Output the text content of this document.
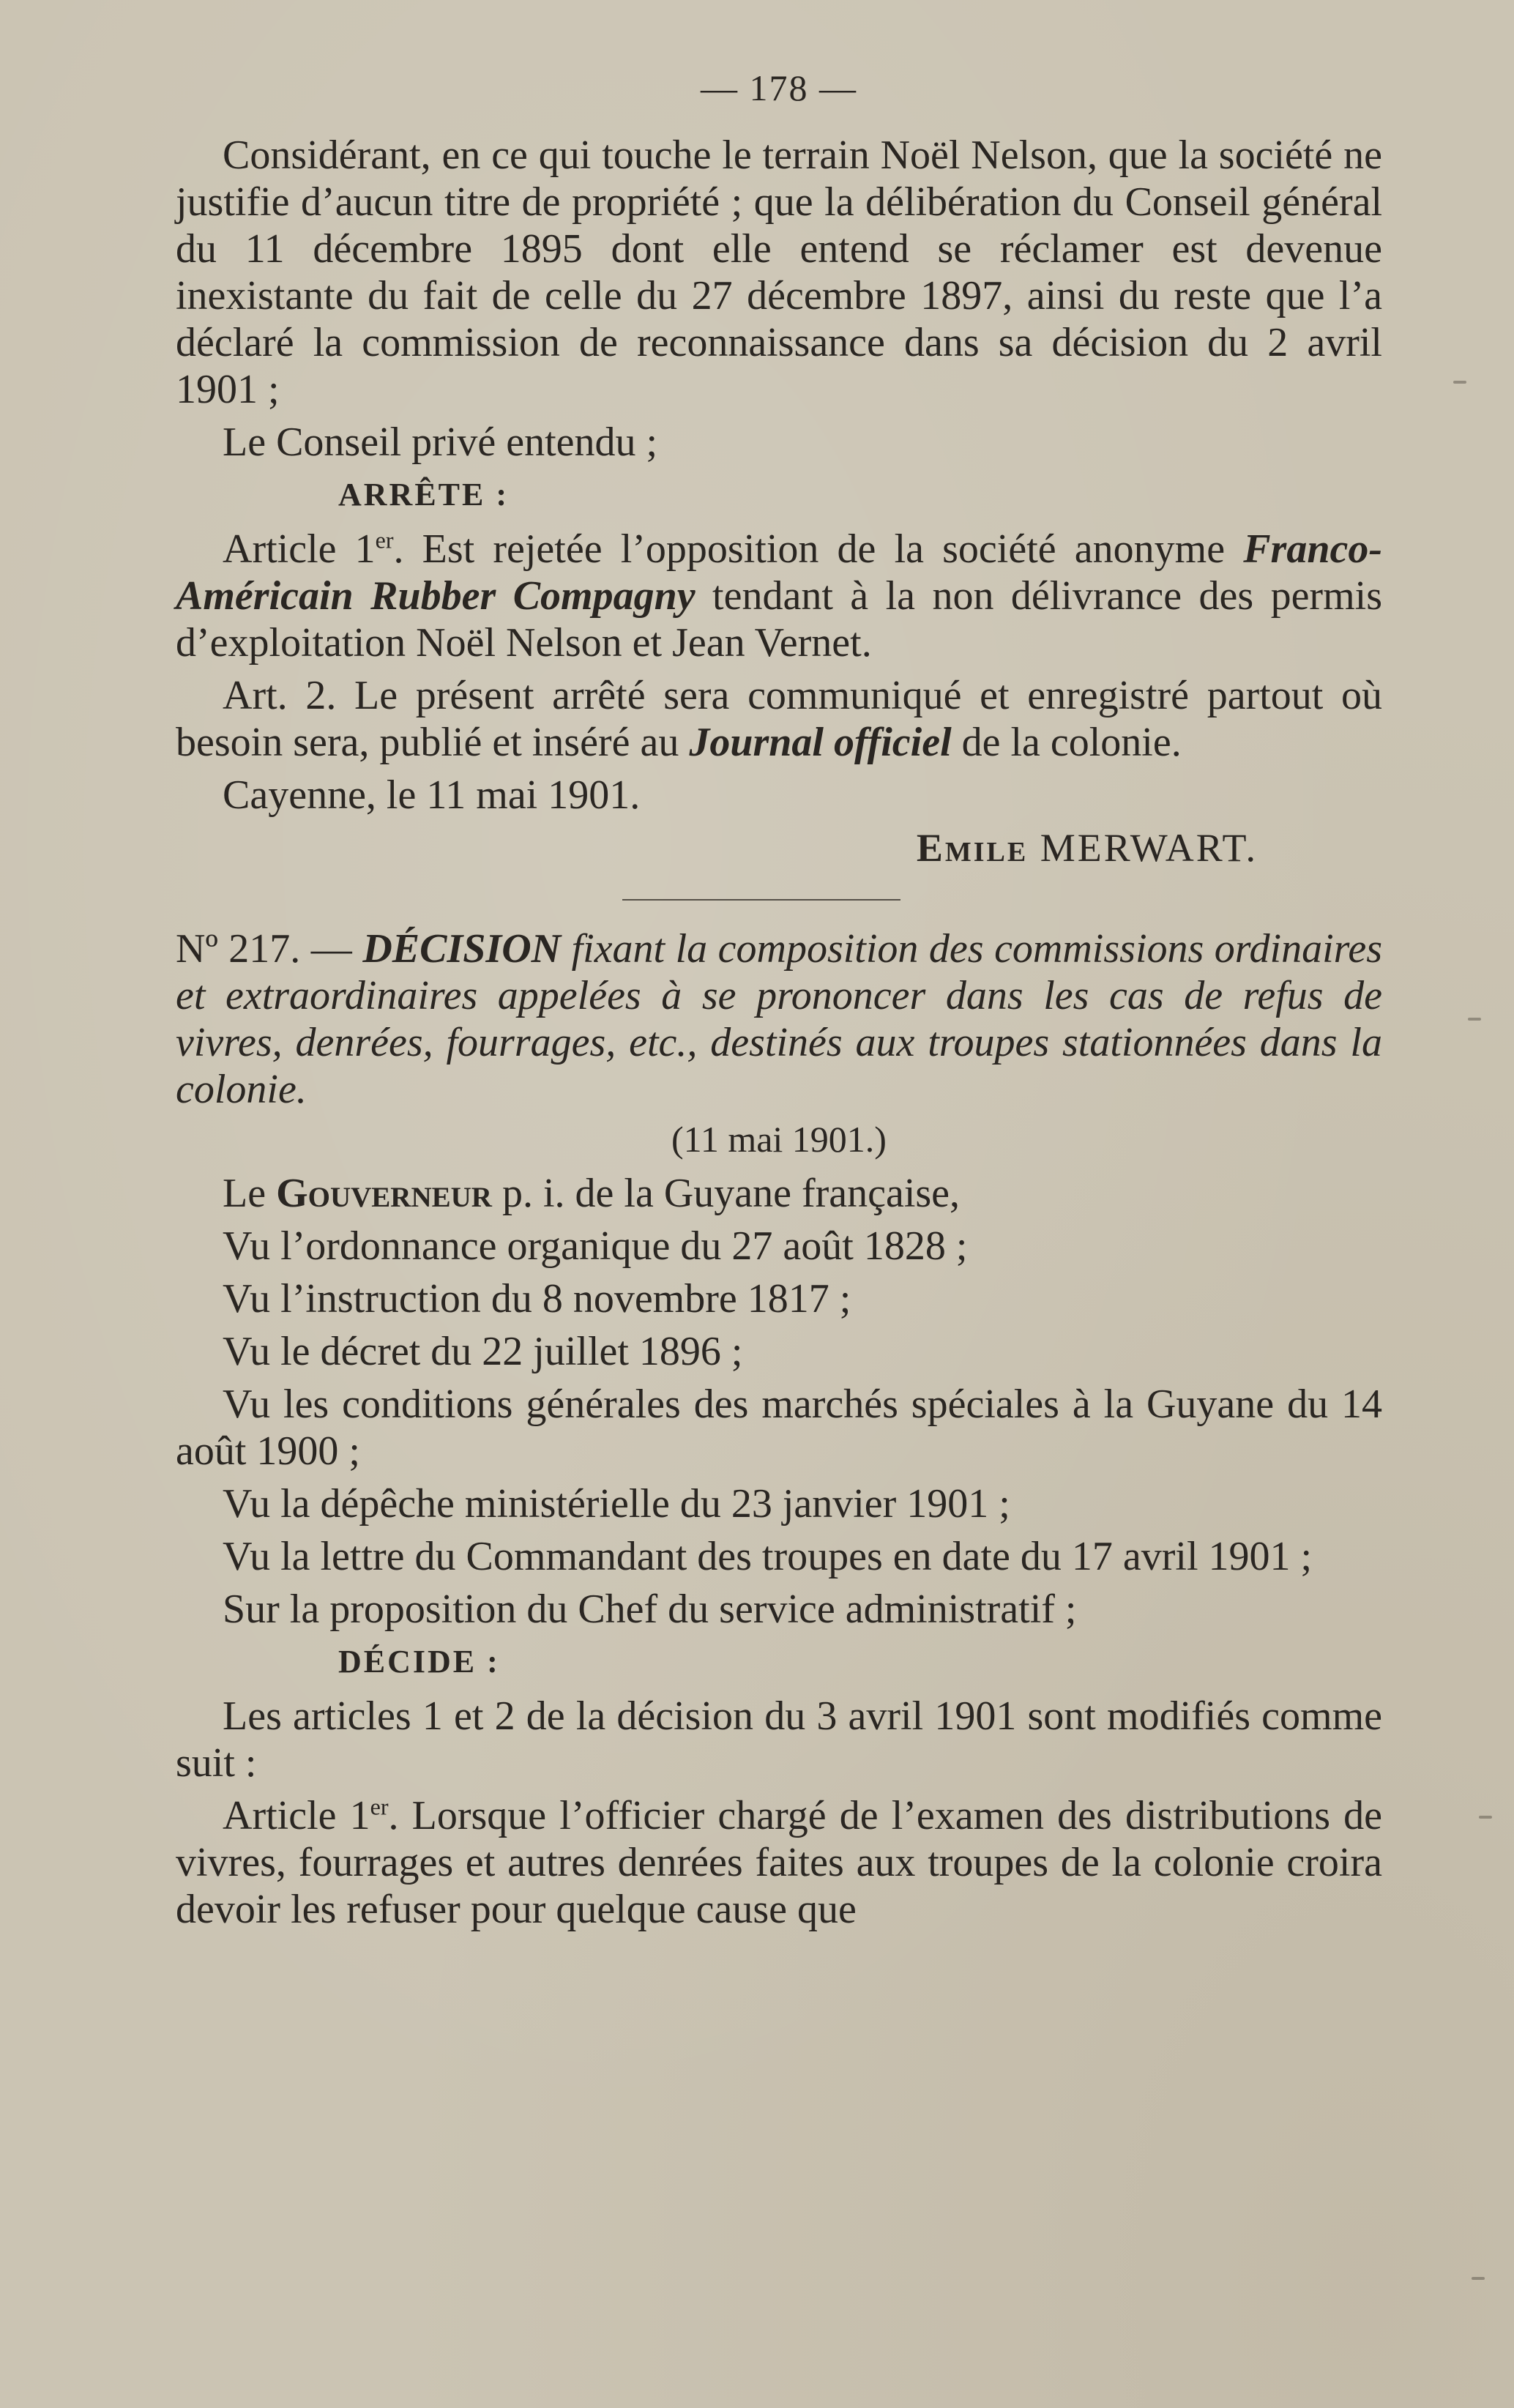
— 178 —

Considérant, en ce qui touche le terrain Noël Nelson, que la société ne justifie d’aucun titre de propriété ; que la délibération du Conseil général du 11 décembre 1895 dont elle entend se réclamer est devenue inexistante du fait de celle du 27 décembre 1897, ainsi du reste que l’a déclaré la commission de reconnaissance dans sa décision du 2 avril 1901 ;

Le Conseil privé entendu ;

ARRÊTE :

Article 1er. Est rejetée l’opposition de la société anonyme Franco-Américain Rubber Compagny tendant à la non délivrance des permis d’exploitation Noël Nelson et Jean Vernet.

Art. 2. Le présent arrêté sera communiqué et enregistré partout où besoin sera, publié et inséré au Journal officiel de la colonie.

Cayenne, le 11 mai 1901.

Emile MERWART.

Nº 217. — DÉCISION fixant la composition des commissions ordinaires et extraordinaires appelées à se prononcer dans les cas de refus de vivres, denrées, fourrages, etc., destinés aux troupes stationnées dans la colonie.

(11 mai 1901.)

Le Gouverneur p. i. de la Guyane française,

Vu l’ordonnance organique du 27 août 1828 ;

Vu l’instruction du 8 novembre 1817 ;

Vu le décret du 22 juillet 1896 ;

Vu les conditions générales des marchés spéciales à la Guyane du 14 août 1900 ;

Vu la dépêche ministérielle du 23 janvier 1901 ;

Vu la lettre du Commandant des troupes en date du 17 avril 1901 ;

Sur la proposition du Chef du service administratif ;

DÉCIDE :

Les articles 1 et 2 de la décision du 3 avril 1901 sont modifiés comme suit :

Article 1er. Lorsque l’officier chargé de l’examen des distributions de vivres, fourrages et autres denrées faites aux troupes de la colonie croira devoir les refuser pour quelque cause que
